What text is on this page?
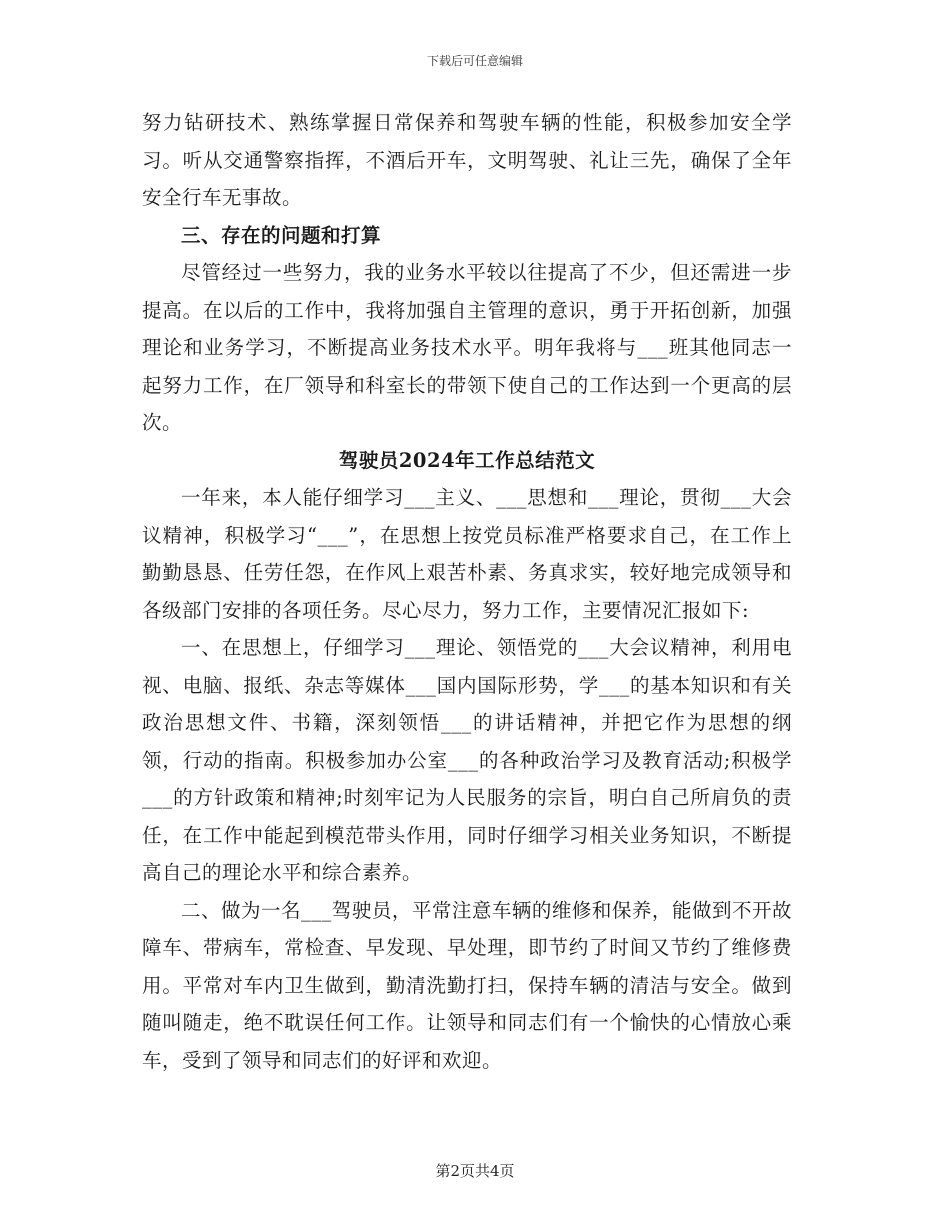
下载后可任意编辑

努力钻研技术、熟练掌握日常保养和驾驶车辆的性能，积极参加安全学习。听从交通警察指挥，不酒后开车，文明驾驶、礼让三先，确保了全年安全行车无事故。

三、存在的问题和打算

尽管经过一些努力，我的业务水平较以往提高了不少，但还需进一步提高。在以后的工作中，我将加强自主管理的意识，勇于开拓创新，加强理论和业务学习，不断提高业务技术水平。明年我将与___班其他同志一起努力工作，在厂领导和科室长的带领下使自己的工作达到一个更高的层次。

驾驶员2024年工作总结范文

一年来，本人能仔细学习___主义、___思想和___理论，贯彻___大会议精神，积极学习“___”，在思想上按党员标准严格要求自己，在工作上勤勤恳恳、任劳任怨，在作风上艰苦朴素、务真求实，较好地完成领导和各级部门安排的各项任务。尽心尽力，努力工作，主要情况汇报如下:

一、在思想上，仔细学习___理论、领悟党的___大会议精神，利用电视、电脑、报纸、杂志等媒体___国内国际形势，学___的基本知识和有关政治思想文件、书籍，深刻领悟___的讲话精神，并把它作为思想的纲领，行动的指南。积极参加办公室___的各种政治学习及教育活动;积极学___的方针政策和精神;时刻牢记为人民服务的宗旨，明白自己所肩负的责任，在工作中能起到模范带头作用，同时仔细学习相关业务知识，不断提高自己的理论水平和综合素养。

二、做为一名___驾驶员，平常注意车辆的维修和保养，能做到不开故障车、带病车，常检查、早发现、早处理，即节约了时间又节约了维修费用。平常对车内卫生做到，勤清洗勤打扫，保持车辆的清洁与安全。做到随叫随走，绝不耽误任何工作。让领导和同志们有一个愉快的心情放心乘车，受到了领导和同志们的好评和欢迎。

第2页共4页
